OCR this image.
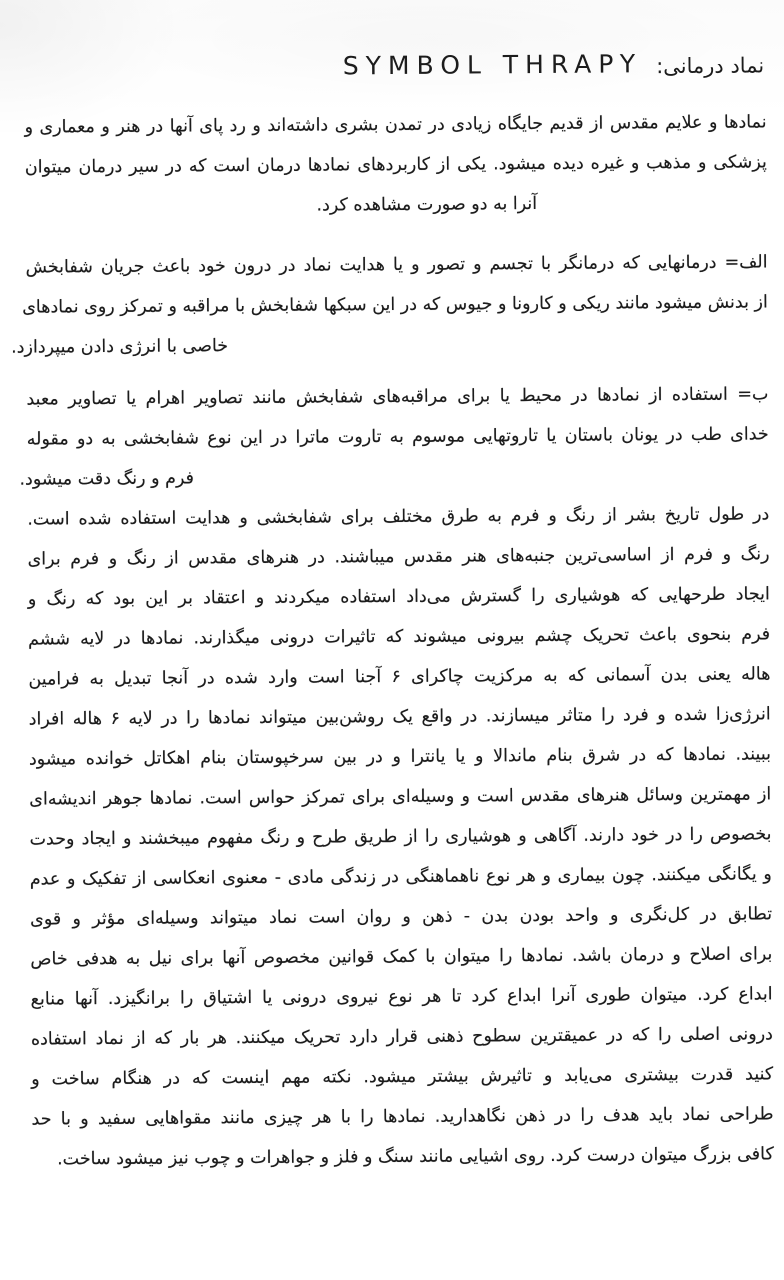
نماد درمانی:SYMBOL THRAPY
نمادها و علایم مقدس از قدیم جایگاه زیادی در تمدن بشری داشته‌اند و رد پای آنها در هنر و معماری و
پزشکی و مذهب و غیره دیده میشود. یکی از کاربردهای نمادها درمان است که در سیر درمان میتوان
آنرا به دو صورت مشاهده کرد.
الف= درمانهایی که درمانگر با تجسم و تصور و یا هدایت نماد در درون خود باعث جریان شفابخش
از بدنش میشود مانند ریکی و کارونا و جیوس که در این سبکها شفابخش با مراقبه و تمرکز روی نمادهای
خاصی با انرژی دادن میپردازد.
ب= استفاده از نمادها در محیط یا برای مراقبه‌های شفابخش مانند تصاویر اهرام یا تصاویر معبد
خدای طب در یونان باستان یا تاروتهایی موسوم به تاروت ماترا در این نوع شفابخشی به دو مقوله
فرم و رنگ دقت میشود.
در طول تاریخ بشر از رنگ و فرم به طرق مختلف برای شفابخشی و هدایت استفاده شده است.
رنگ و فرم از اساسی‌ترین جنبه‌های هنر مقدس میباشند. در هنرهای مقدس از رنگ و فرم برای
ایجاد طرحهایی که هوشیاری را گسترش می‌داد استفاده میکردند و اعتقاد بر این بود که رنگ و
فرم بنحوی باعث تحریک چشم بیرونی میشوند که تاثیرات درونی میگذارند. نمادها در لایه ششم
هاله یعنی بدن آسمانی که به مرکزیت چاکرای ۶ آجنا است وارد شده در آنجا تبدیل به فرامین
انرژی‌زا شده و فرد را متاثر میسازند. در واقع یک روشن‌بین میتواند نمادها را در لایه ۶ هاله افراد
ببیند. نمادها که در شرق بنام ماندالا و یا یانترا و در بین سرخپوستان بنام اهکاتل خوانده میشود
از مهمترین وسائل هنرهای مقدس است و وسیله‌ای برای تمرکز حواس است. نمادها جوهر اندیشه‌ای
بخصوص را در خود دارند. آگاهی و هوشیاری را از طریق طرح و رنگ مفهوم میبخشند و ایجاد وحدت
و یگانگی میکنند. چون بیماری و هر نوع ناهماهنگی در زندگی مادی - معنوی انعکاسی از تفکیک و عدم
تطابق در کل‌نگری و واحد بودن بدن - ذهن و روان است نماد میتواند وسیله‌ای مؤثر و قوی
برای اصلاح و درمان باشد. نمادها را میتوان با کمک قوانین مخصوص آنها برای نیل به هدفی خاص
ابداع کرد. میتوان طوری آنرا ابداع کرد تا هر نوع نیروی درونی یا اشتیاق را برانگیزد. آنها منابع
درونی اصلی را که در عمیقترین سطوح ذهنی قرار دارد تحریک میکنند. هر بار که از نماد استفاده
کنید قدرت بیشتری می‌یابد و تاثیرش بیشتر میشود. نکته مهم اینست که در هنگام ساخت و
طراحی نماد باید هدف را در ذهن نگاهدارید. نمادها را با هر چیزی مانند مقواهایی سفید و با حد
کافی بزرگ میتوان درست کرد. روی اشیایی مانند سنگ و فلز و جواهرات و چوب نیز میشود ساخت.
